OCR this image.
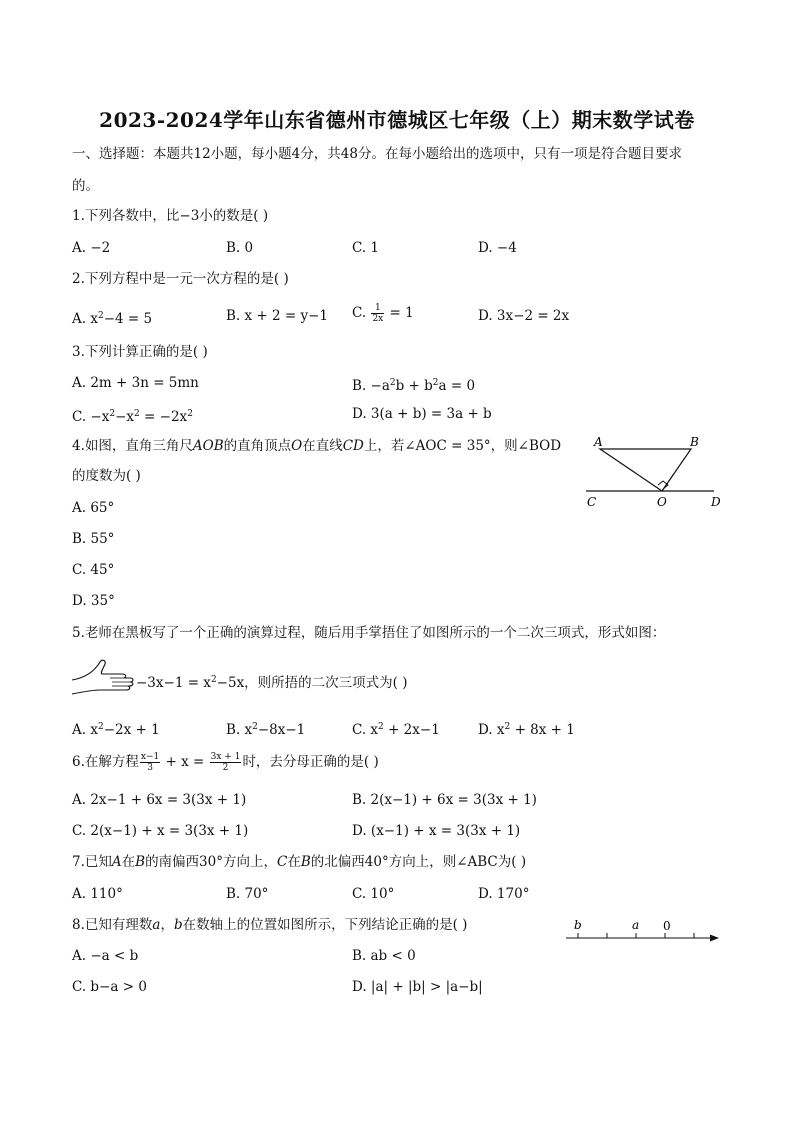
2023-2024学年山东省德州市德城区七年级（上）期末数学试卷
一、选择题：本题共12小题，每小题4分，共48分。在每小题给出的选项中，只有一项是符合题目要求
的。
1.下列各数中，比−3小的数是( )
A. −2	B. 0	C. 1	D. −4
2.下列方程中是一元一次方程的是( )
A. $x^2-4 = 5$	B. x + 2 = y−1 C. $\frac{1}{2x} = 1$	D. 3x−2 = 2x
3.下列计算正确的是( )
A. 2m + 3n = 5mn	B. $-a^2b + b^2a = 0$
C. $-x^2-x^2 = -2x^2$	D. 3(a + b) = 3a + b
4.如图，直角三角尺AOB的直角顶点O在直线CD上，若∠AOC = 35°，则∠BOD
的度数为( )
A. 65°
B. 55°
C. 45°
D. 35°
A	B
C	O	D
5.老师在黑板写了一个正确的演算过程，随后用手掌捂住了如图所示的一个二次三项式，形式如图：
$-3x-1 = x^2-5x$，则所捂的二次三项式为( )
A. $x^2-2x + 1$	B. $x^2-8x-1$	C. $x^2 + 2x-1$	D. $x^2 + 8x + 1$
6.在解方程 $\frac{x-1}{3} + x = \frac{3x + 1}{2}$ 时，去分母正确的是( )
A. 2x−1 + 6x = 3(3x + 1)	B. 2(x−1) + 6x = 3(3x + 1)
C. 2(x−1) + x = 3(3x + 1)	D. (x−1) + x = 3(3x + 1)
7.已知A在B的南偏西30°方向上，C在B的北偏西40°方向上，则∠ABC为( )
A. 110°	B. 70°	C. 10°	D. 170°
8.已知有理数a，b在数轴上的位置如图所示，下列结论正确的是( )
A. −a < b	B. ab < 0
C. b−a > 0	D. |a| + |b| > |a−b|
b	a 0
